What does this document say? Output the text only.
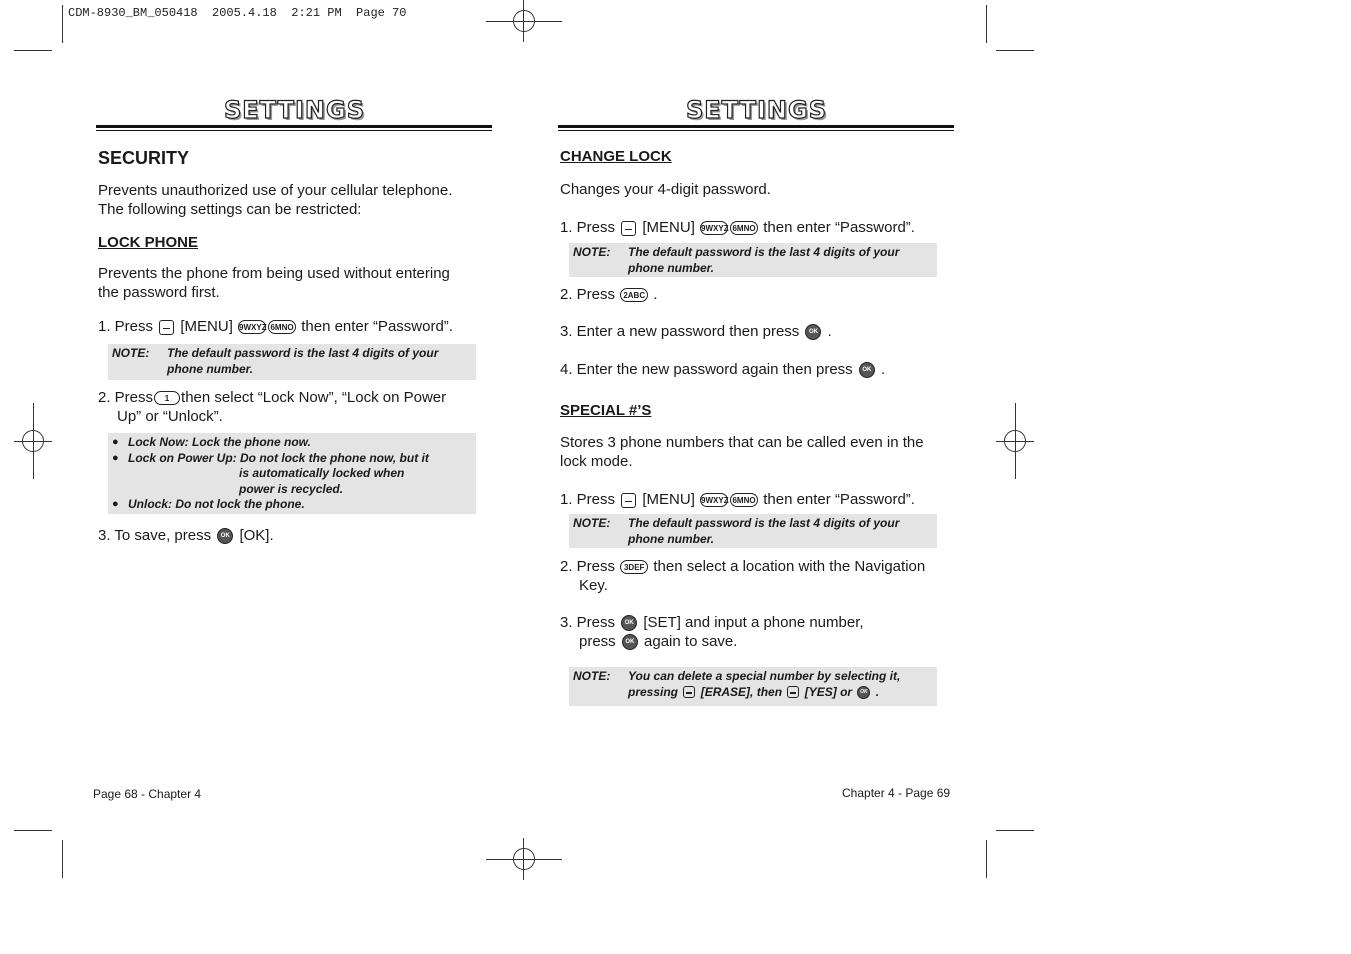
CDM-8930_BM_050418  2005.4.18  2:21 PM  Page 70
SETTINGS
SECURITY
Prevents unauthorized use of your cellular telephone.
The following settings can be restricted:
LOCK PHONE
Prevents the phone from being used without entering
the password first.
1. Press [MENU] 9WXYZ 6MNO then enter “Password”.
NOTE: The default password is the last 4 digits of your
phone number.
2. Press 1 then select “Lock Now”, “Lock on Power
Up” or “Unlock”.
● Lock Now: Lock the phone now.
● Lock on Power Up: Do not lock the phone now, but it
is automatically locked when
power is recycled.
● Unlock: Do not lock the phone.
3. To save, press OK [OK].
Page 68 - Chapter 4
SETTINGS
CHANGE LOCK
Changes your 4-digit password.
1. Press [MENU] 9WXYZ 6MNO then enter “Password”.
NOTE: The default password is the last 4 digits of your
phone number.
2. Press 2ABC .
3. Enter a new password then press OK .
4. Enter the new password again then press OK .
SPECIAL #’S
Stores 3 phone numbers that can be called even in the
lock mode.
1. Press [MENU] 9WXYZ 6MNO then enter “Password”.
NOTE: The default password is the last 4 digits of your
phone number.
2. Press 3DEF then select a location with the Navigation
Key.
3. Press OK [SET] and input a phone number,
press OK again to save.
NOTE: You can delete a special number by selecting it,
pressing [ERASE], then [YES] or OK .
Chapter 4 - Page 69
